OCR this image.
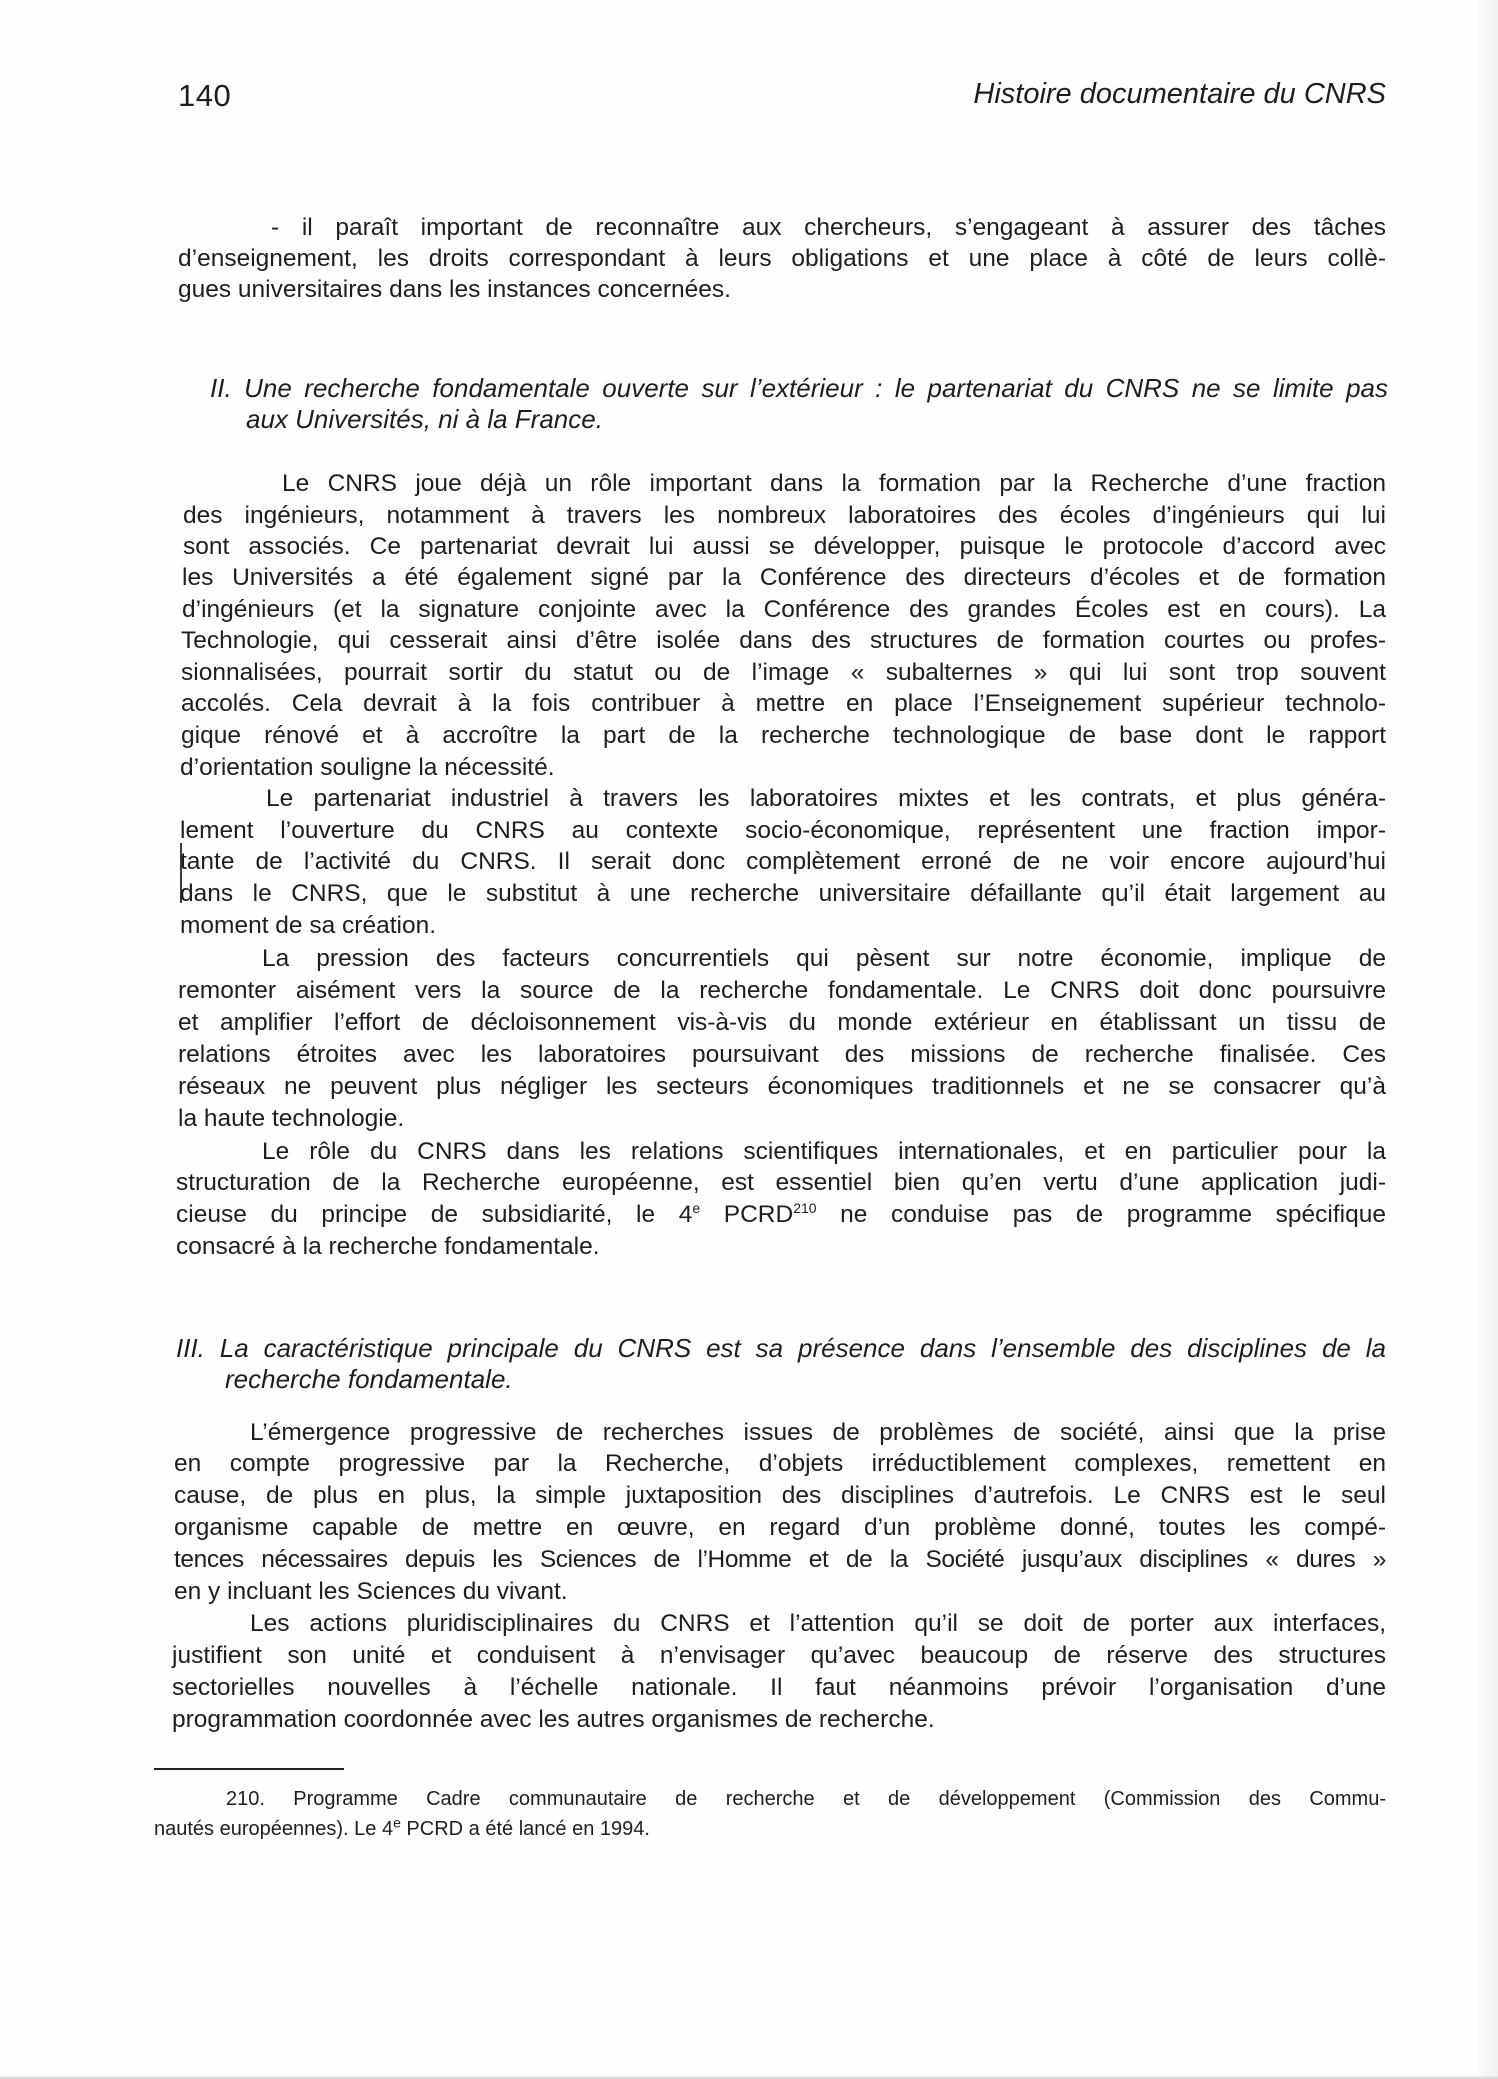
140	Histoire documentaire du CNRS
- il paraît important de reconnaître aux chercheurs, s’engageant à assurer des tâches
d’enseignement, les droits correspondant à leurs obligations et une place à côté de leurs collè-
gues universitaires dans les instances concernées.
II. Une recherche fondamentale ouverte sur l’extérieur : le partenariat du CNRS ne se limite pas
aux Universités, ni à la France.
Le CNRS joue déjà un rôle important dans la formation par la Recherche d’une fraction
des ingénieurs, notamment à travers les nombreux laboratoires des écoles d’ingénieurs qui lui
sont associés. Ce partenariat devrait lui aussi se développer, puisque le protocole d’accord avec
les Universités a été également signé par la Conférence des directeurs d’écoles et de formation
d’ingénieurs (et la signature conjointe avec la Conférence des grandes Écoles est en cours). La
Technologie, qui cesserait ainsi d’être isolée dans des structures de formation courtes ou profes-
sionnalisées, pourrait sortir du statut ou de l’image « subalternes » qui lui sont trop souvent
accolés. Cela devrait à la fois contribuer à mettre en place l’Enseignement supérieur technolo-
gique rénové et à accroître la part de la recherche technologique de base dont le rapport
d’orientation souligne la nécessité.
Le partenariat industriel à travers les laboratoires mixtes et les contrats, et plus généra-
lement l’ouverture du CNRS au contexte socio-économique, représentent une fraction impor-
tante de l’activité du CNRS. Il serait donc complètement erroné de ne voir encore aujourd’hui
dans le CNRS, que le substitut à une recherche universitaire défaillante qu’il était largement au
moment de sa création.
La pression des facteurs concurrentiels qui pèsent sur notre économie, implique de
remonter aisément vers la source de la recherche fondamentale. Le CNRS doit donc poursuivre
et amplifier l’effort de décloisonnement vis-à-vis du monde extérieur en établissant un tissu de
relations étroites avec les laboratoires poursuivant des missions de recherche finalisée. Ces
réseaux ne peuvent plus négliger les secteurs économiques traditionnels et ne se consacrer qu’à
la haute technologie.
Le rôle du CNRS dans les relations scientifiques internationales, et en particulier pour la
structuration de la Recherche européenne, est essentiel bien qu’en vertu d’une application judi-
cieuse du principe de subsidiarité, le 4e PCRD$^{210}$ ne conduise pas de programme spécifique
consacré à la recherche fondamentale.
III. La caractéristique principale du CNRS est sa présence dans l’ensemble des disciplines de la
recherche fondamentale.
L’émergence progressive de recherches issues de problèmes de société, ainsi que la prise
en compte progressive par la Recherche, d’objets irréductiblement complexes, remettent en
cause, de plus en plus, la simple juxtaposition des disciplines d’autrefois. Le CNRS est le seul
organisme capable de mettre en œuvre, en regard d’un problème donné, toutes les compé-
tences nécessaires depuis les Sciences de l’Homme et de la Société jusqu’aux disciplines « dures »
en y incluant les Sciences du vivant.
Les actions pluridisciplinaires du CNRS et l’attention qu’il se doit de porter aux interfaces,
justifient son unité et conduisent à n’envisager qu’avec beaucoup de réserve des structures
sectorielles nouvelles à l’échelle nationale. Il faut néanmoins prévoir l’organisation d’une
programmation coordonnée avec les autres organismes de recherche.
210. Programme Cadre communautaire de recherche et de développement (Commission des Commu-
nautés européennes). Le 4e PCRD a été lancé en 1994.
